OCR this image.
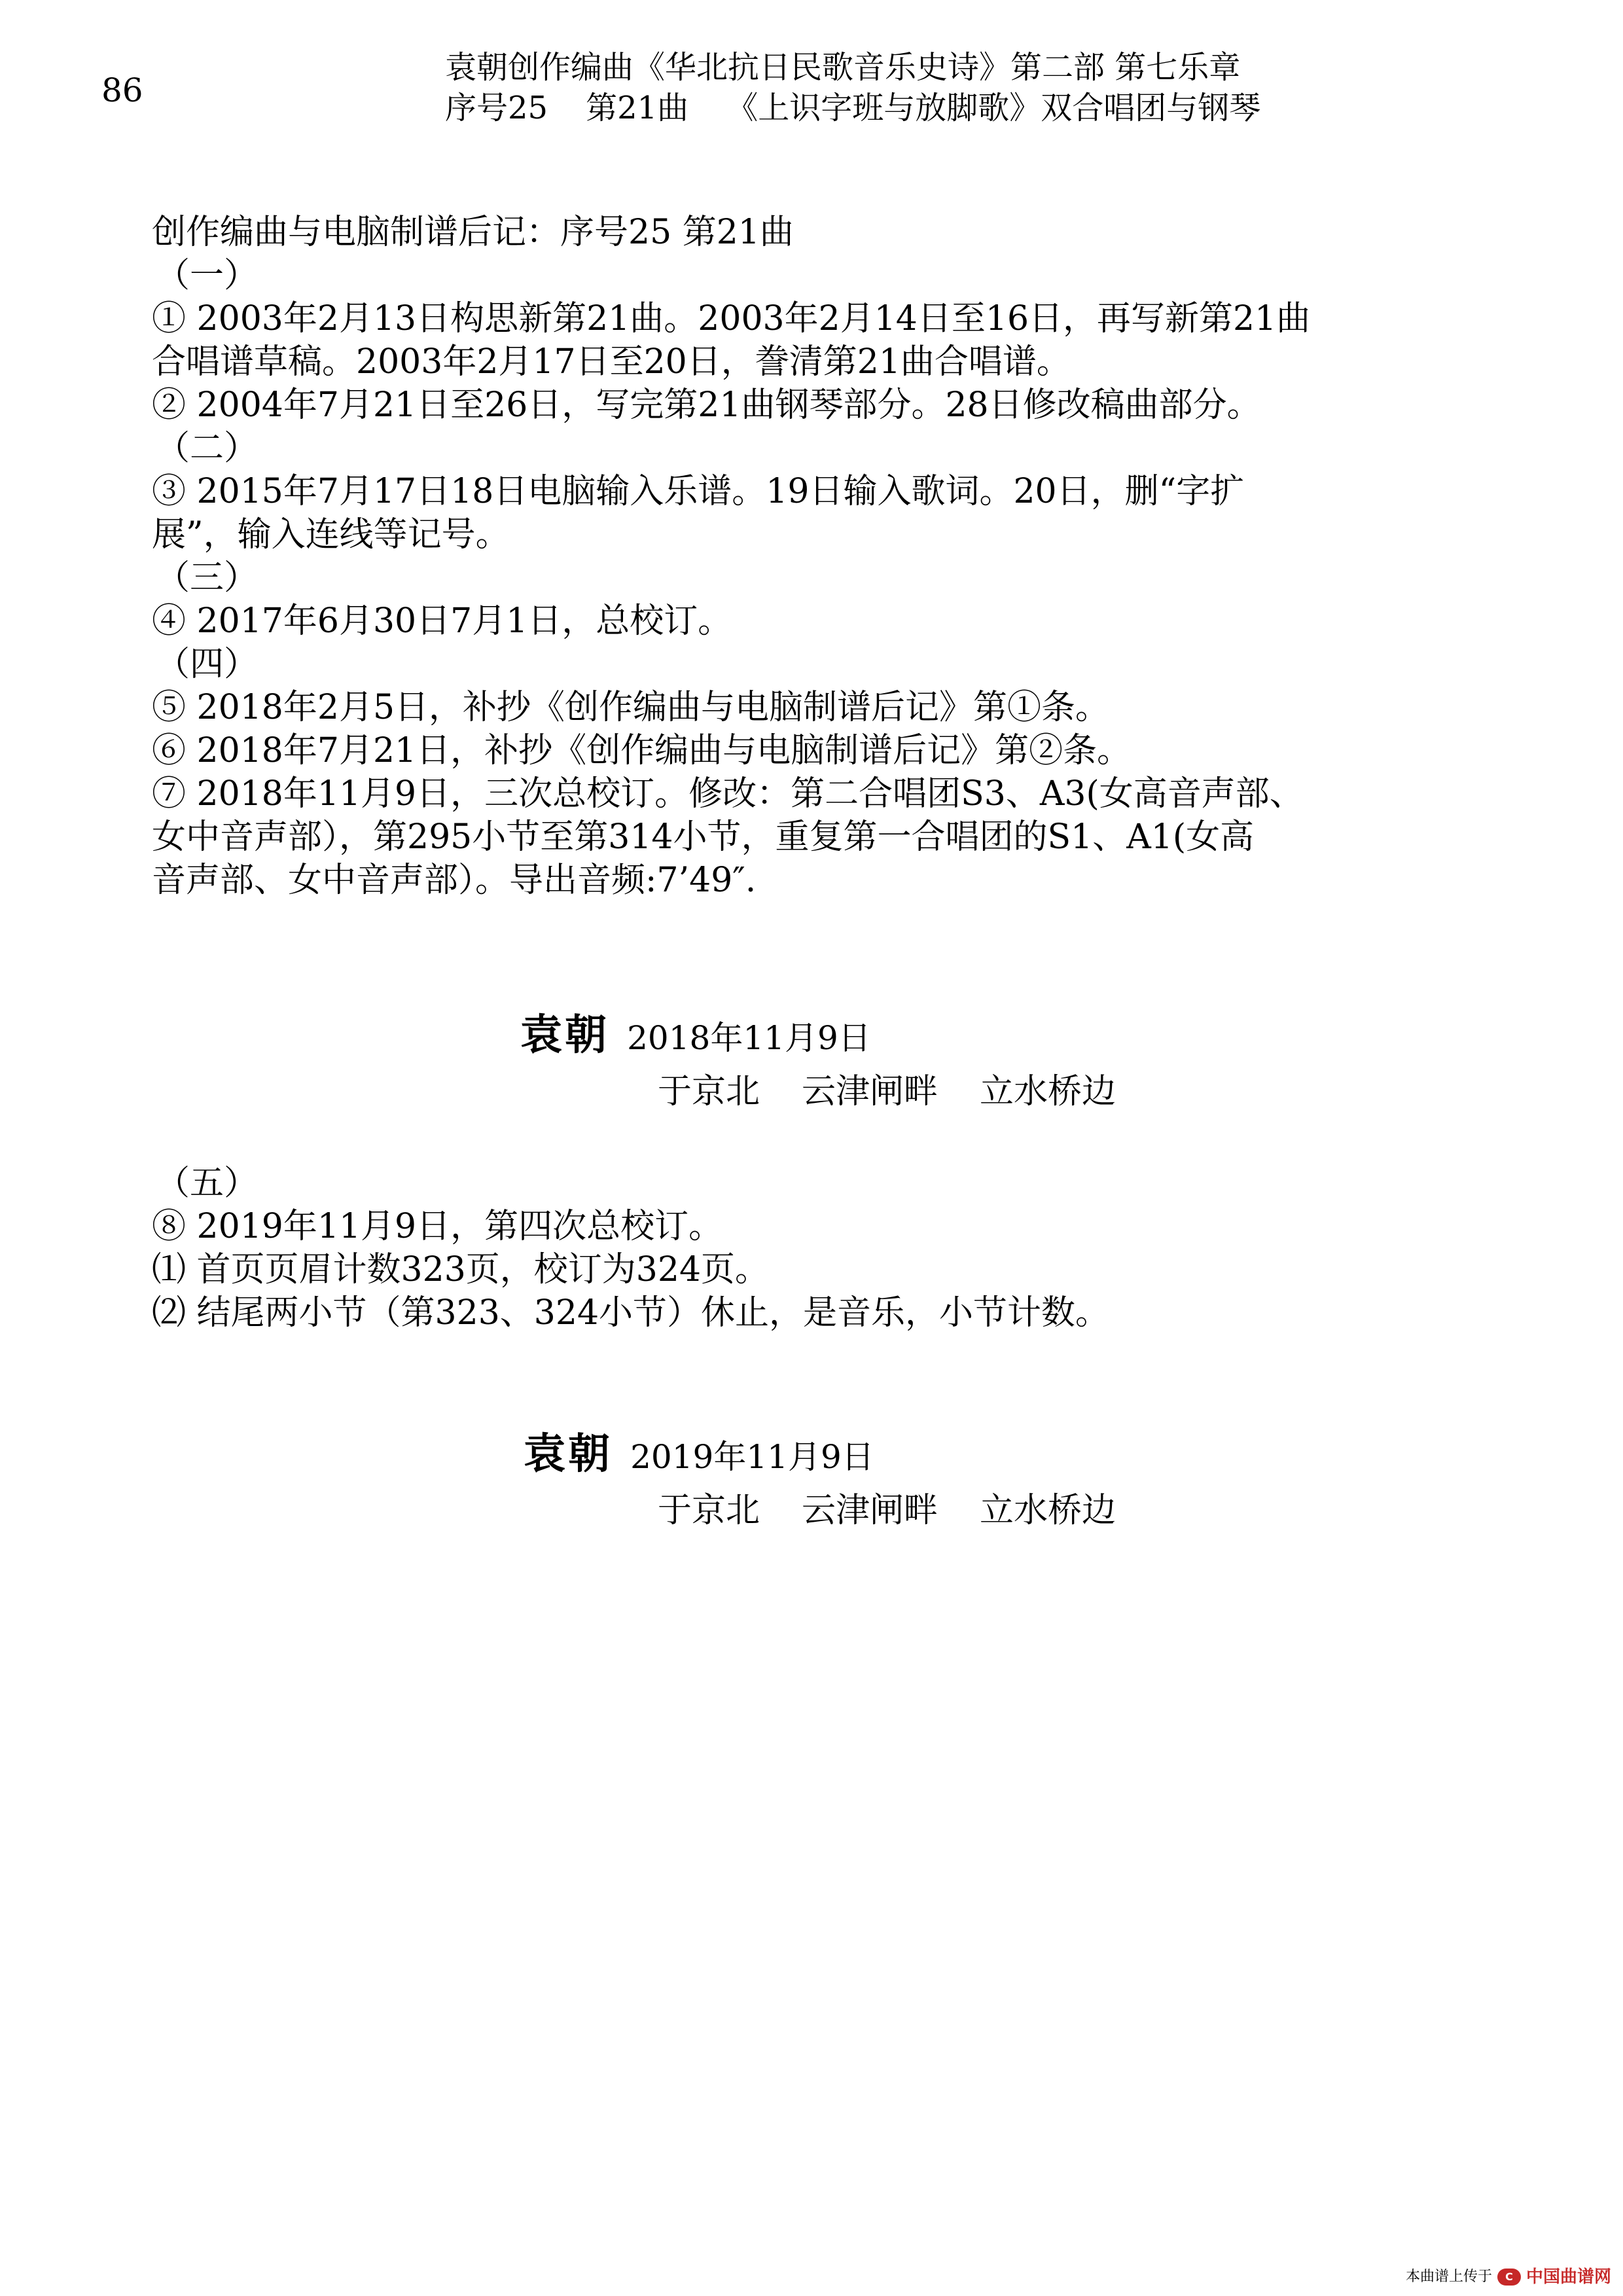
86
袁朝创作编曲《华北抗日民歌音乐史诗》第二部 第七乐章
序号25 第21曲 《上识字班与放脚歌》双合唱团与钢琴
创作编曲与电脑制谱后记：序号25 第21曲
（一）
① 2003年2月13日构思新第21曲。2003年2月14日至16日，再写新第21曲
合唱谱草稿。2003年2月17日至20日，誊清第21曲合唱谱。
② 2004年7月21日至26日，写完第21曲钢琴部分。28日修改稿曲部分。
（二）
③ 2015年7月17日18日电脑输入乐谱。19日输入歌词。20日，删“字扩
展”，输入连线等记号。
（三）
④ 2017年6月30日7月1日，总校订。
（四）
⑤ 2018年2月5日，补抄《创作编曲与电脑制谱后记》第①条。
⑥ 2018年7月21日，补抄《创作编曲与电脑制谱后记》第②条。
⑦ 2018年11月9日，三次总校订。修改：第二合唱团S3、A3(女高音声部、
女中音声部），第295小节至第314小节，重复第一合唱团的S1、A1(女高
音声部、女中音声部）。导出音频:7’49″.
袁朝 2018年11月9日
于京北 云津闸畔 立水桥边
（五）
⑧ 2019年11月9日，第四次总校订。
⑴ 首页页眉计数323页，校订为324页。
⑵ 结尾两小节（第323、324小节）休止，是音乐，小节计数。
袁朝 2019年11月9日
于京北 云津闸畔 立水桥边
本曲谱上传于	C 中国曲谱网
